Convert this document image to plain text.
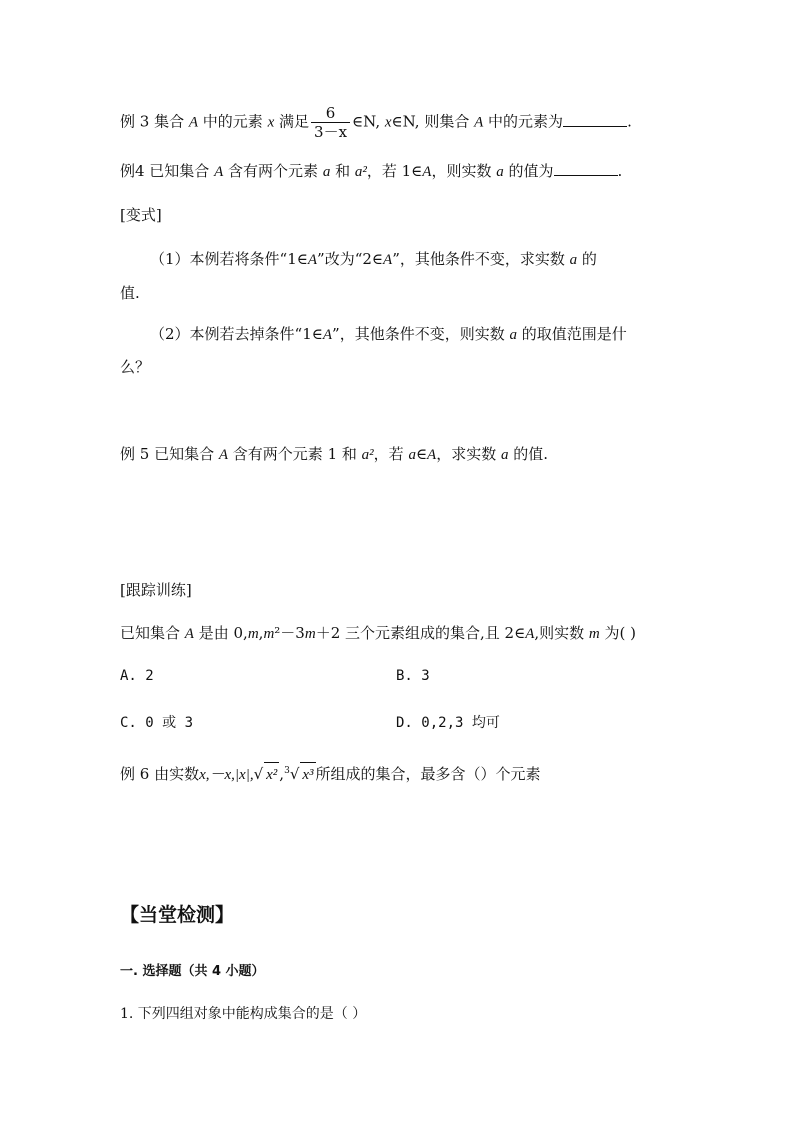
例 3 集合 A 中的元素 x 满足 $\frac{6}{3-x}$ ∈N, x∈N, 则集合 A 中的元素为	.
例4 已知集合 A 含有两个元素 a 和 a²，若 1∈A，则实数 a 的值为	.
[变式]
（1）本例若将条件“1∈A”改为“2∈A”，其他条件不变，求实数 a 的
值.
（2）本例若去掉条件“1∈A”，其他条件不变，则实数 a 的取值范围是什
么？
例 5 已知集合 A 含有两个元素 1 和 a²，若 a∈A，求实数 a 的值.
[跟踪训练]
已知集合 A 是由 0,m,m²－3m＋2 三个元素组成的集合,且 2∈A,则实数 m 为( )
A. 2	B. 3
C. 0 或 3	D. 0,2,3 均可
例 6 由实数x,－x,|x|,√ x² ,$^3$√ x³ 所组成的集合，最多含（）个元素
【当堂检测】
一. 选择题（共 4 小题）
1. 下列四组对象中能构成集合的是（ ）
